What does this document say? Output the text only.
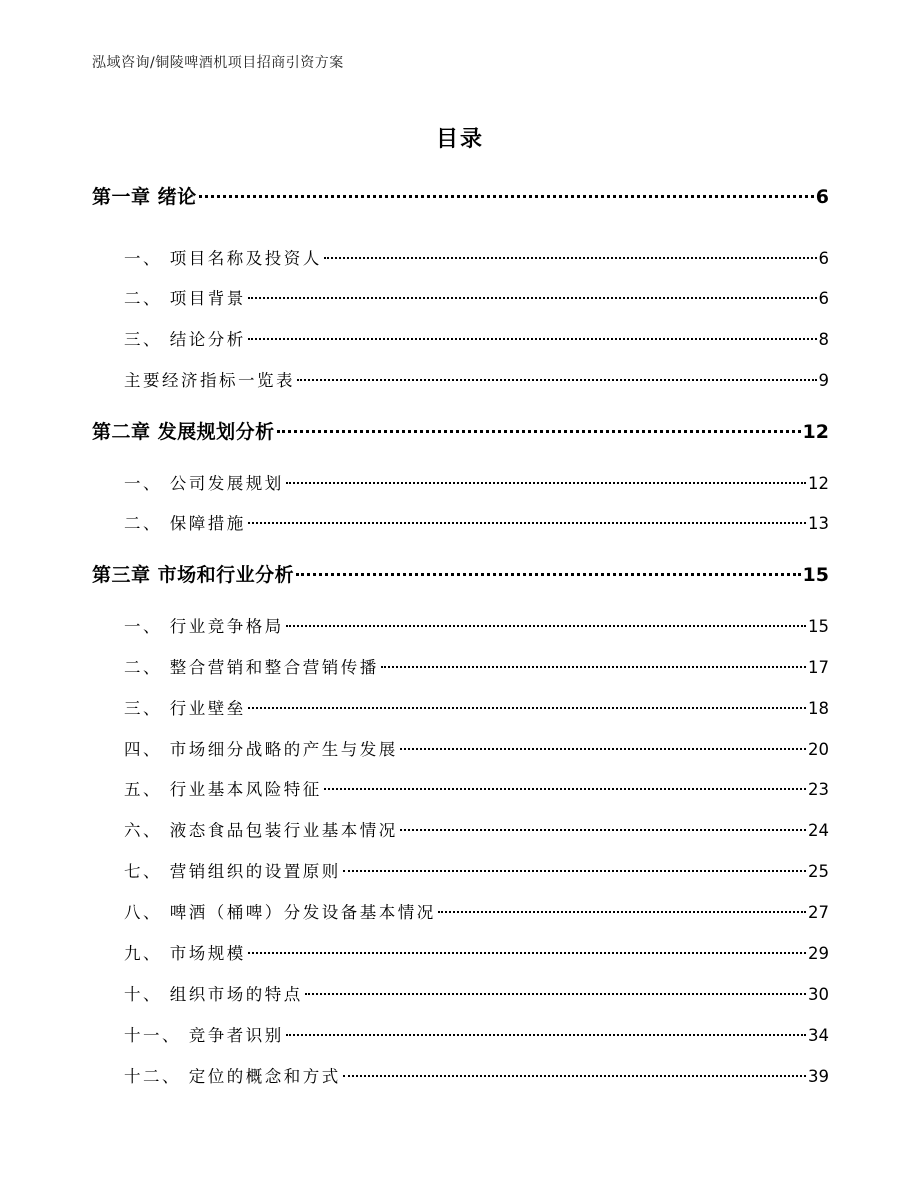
泓域咨询/铜陵啤酒机项目招商引资方案
目录
第一章 绪论	6
一、 项目名称及投资人	6
二、 项目背景	6
三、 结论分析	8
主要经济指标一览表	9
第二章 发展规划分析	12
一、 公司发展规划	12
二、 保障措施	13
第三章 市场和行业分析	15
一、 行业竞争格局	15
二、 整合营销和整合营销传播	17
三、 行业壁垒	18
四、 市场细分战略的产生与发展	20
五、 行业基本风险特征	23
六、 液态食品包装行业基本情况	24
七、 营销组织的设置原则	25
八、 啤酒（桶啤）分发设备基本情况	27
九、 市场规模	29
十、 组织市场的特点	30
十一、 竞争者识别	34
十二、 定位的概念和方式	39
